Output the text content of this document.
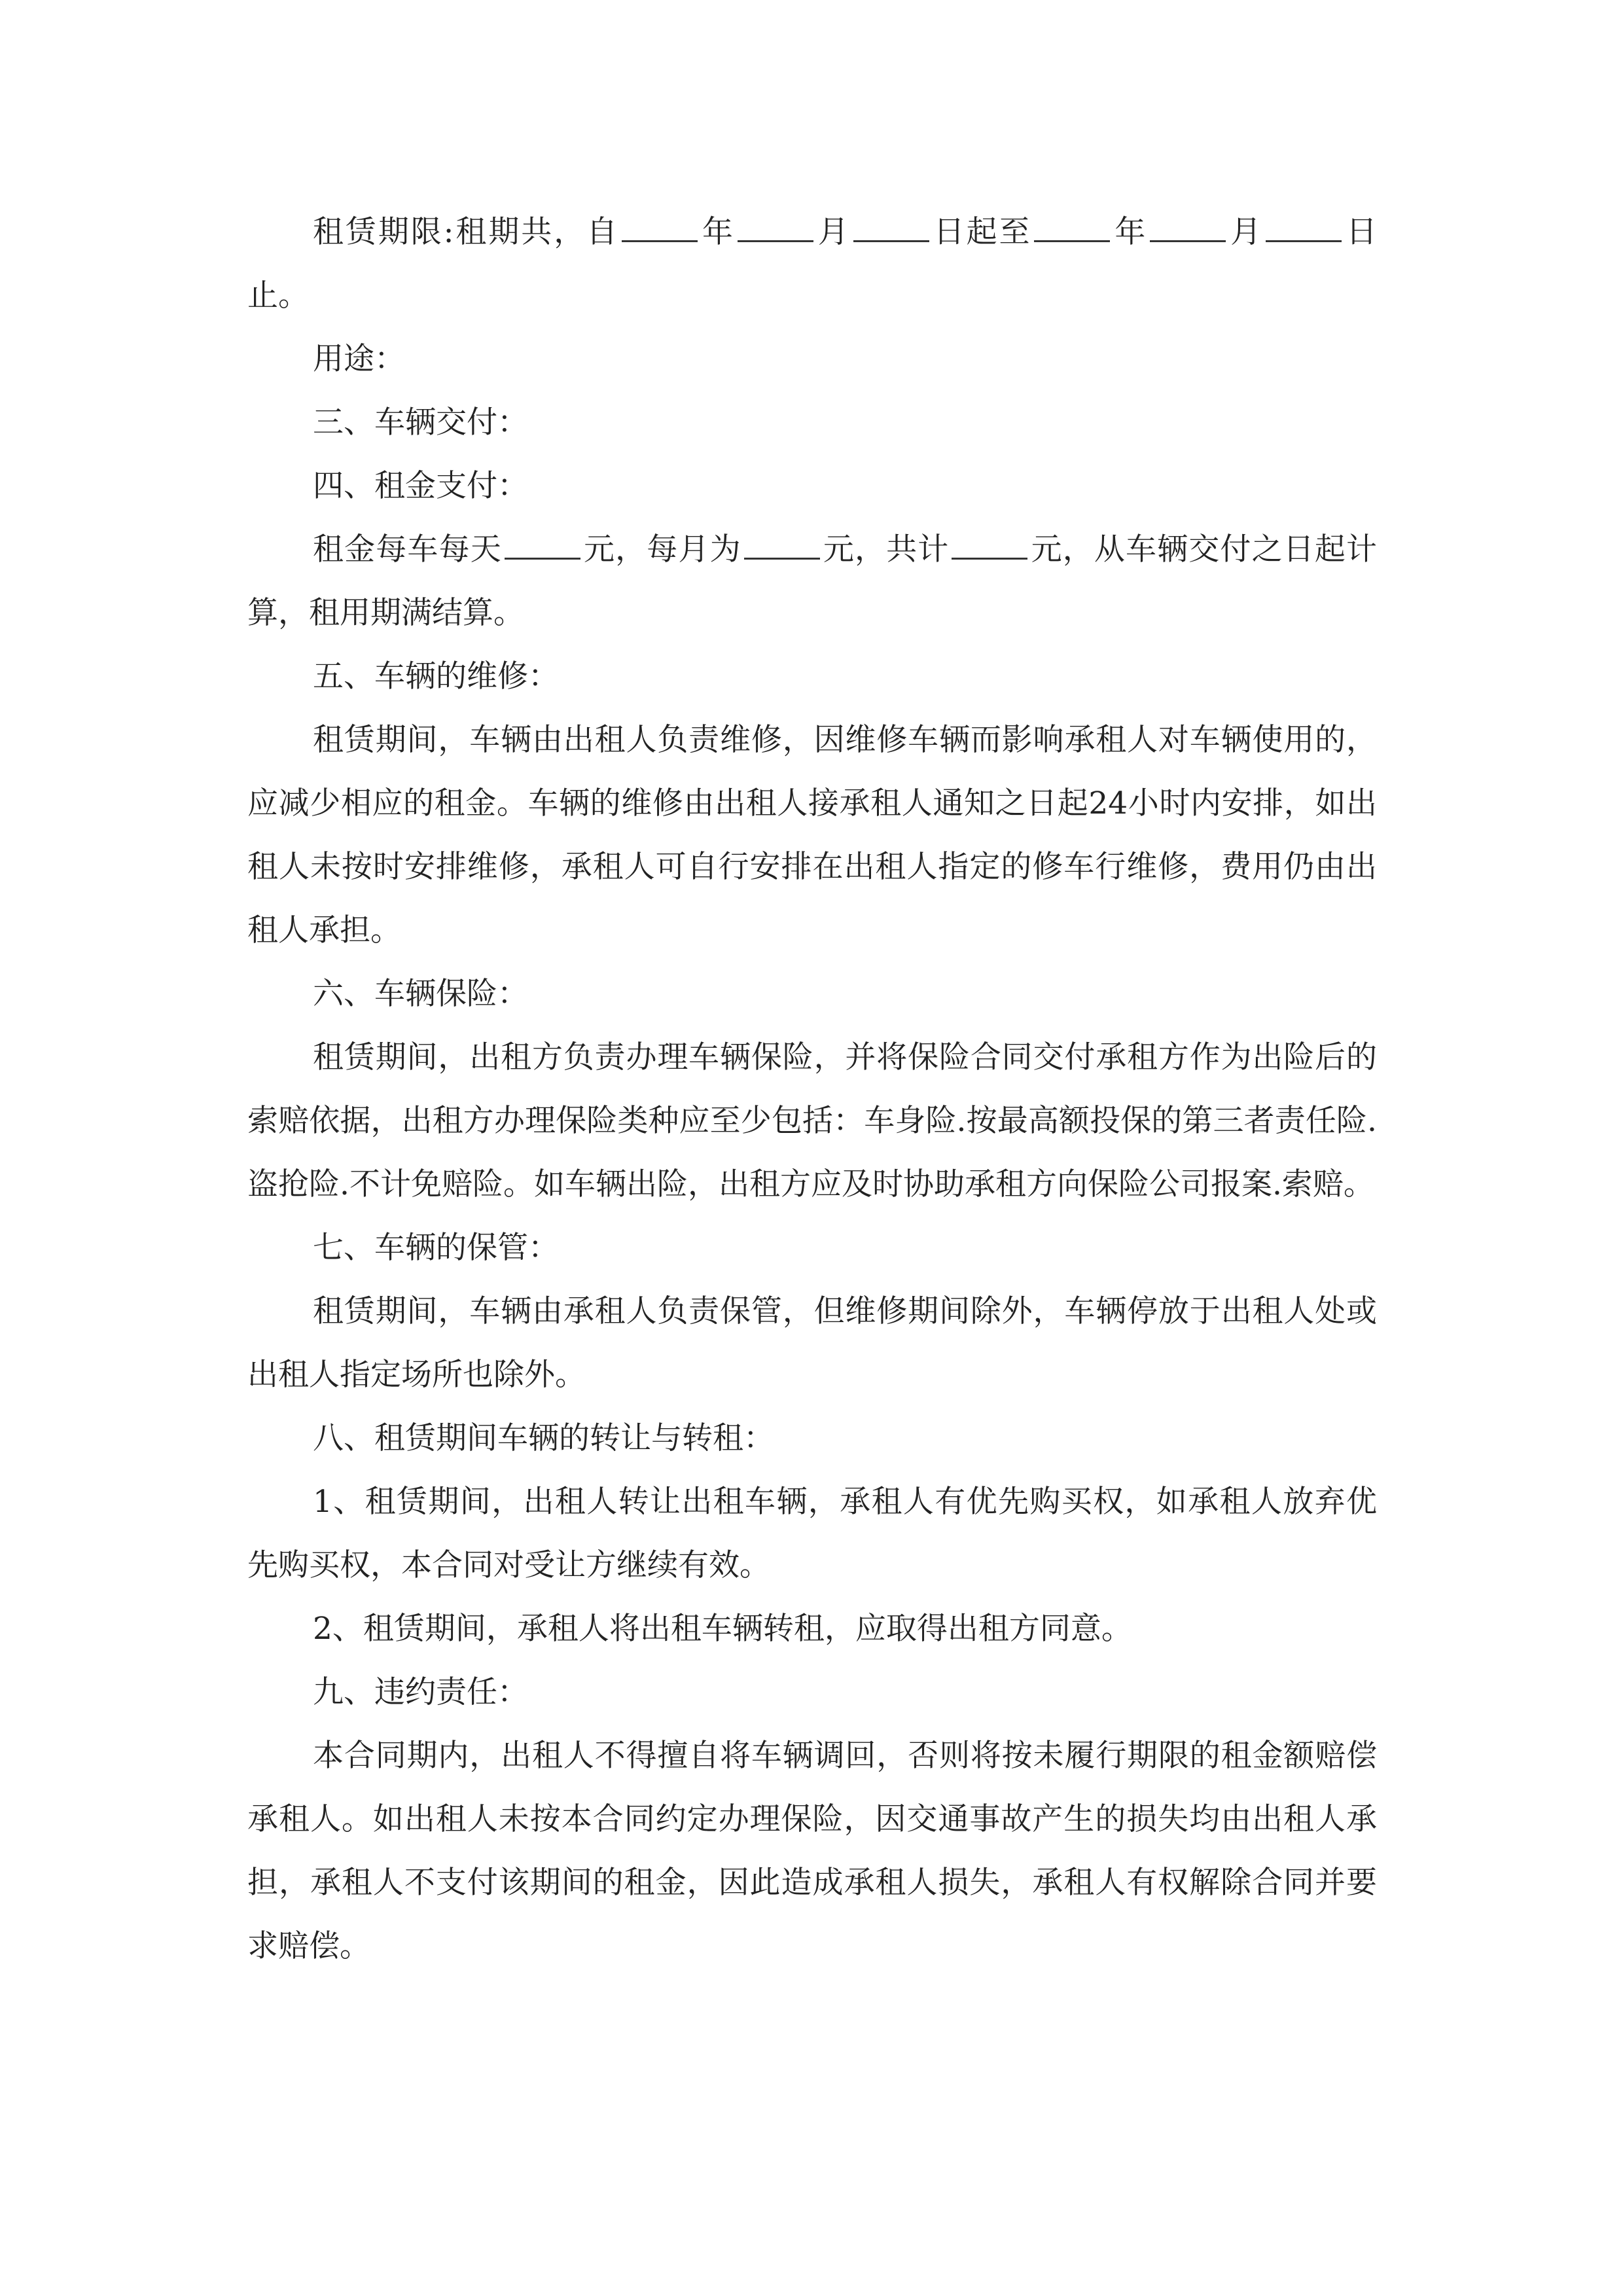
租赁期限:租期共，自	年	月	日起至	年	月	日止。

用途：

三、车辆交付：

四、租金支付：

租金每车每天	元，每月为	元，共计	元，从车辆交付之日起计算，租用期满结算。

五、车辆的维修：

租赁期间，车辆由出租人负责维修，因维修车辆而影响承租人对车辆使用的，应减少相应的租金。车辆的维修由出租人接承租人通知之日起24小时内安排，如出租人未按时安排维修，承租人可自行安排在出租人指定的修车行维修，费用仍由出租人承担。

六、车辆保险：

租赁期间，出租方负责办理车辆保险，并将保险合同交付承租方作为出险后的索赔依据，出租方办理保险类种应至少包括：车身险.按最高额投保的第三者责任险.盗抢险.不计免赔险。如车辆出险，出租方应及时协助承租方向保险公司报案.索赔。

七、车辆的保管：

租赁期间，车辆由承租人负责保管，但维修期间除外，车辆停放于出租人处或出租人指定场所也除外。

八、租赁期间车辆的转让与转租：

1、租赁期间，出租人转让出租车辆，承租人有优先购买权，如承租人放弃优先购买权，本合同对受让方继续有效。

2、租赁期间，承租人将出租车辆转租，应取得出租方同意。

九、违约责任：

本合同期内，出租人不得擅自将车辆调回，否则将按未履行期限的租金额赔偿承租人。如出租人未按本合同约定办理保险，因交通事故产生的损失均由出租人承担，承租人不支付该期间的租金，因此造成承租人损失，承租人有权解除合同并要求赔偿。
